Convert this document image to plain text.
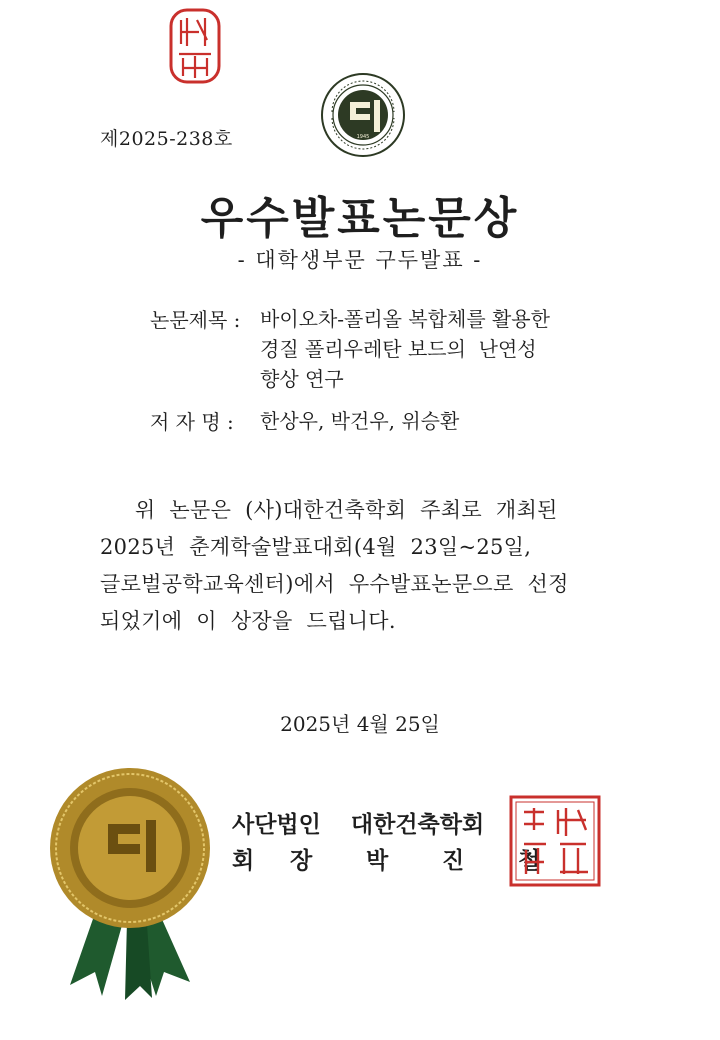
1945
제2025-238호
우수발표논문상
- 대학생부문 구두발표 -
논문제목 : 바이오차-폴리올 복합체를 활용한
경질 폴리우레탄 보드의  난연성
향상 연구
저 자 명 : 한상우, 박건우, 위승환

위  논문은  (사)대한건축학회  주최로  개최된

2025년  춘계학술발표대회(4월  23일~25일,

글로벌공학교육센터)에서  우수발표논문으로  선정

되었기에  이  상장을  드립니다.

2025년 4월 25일
사단법인 대한건축학회
회 장 박 진 철
